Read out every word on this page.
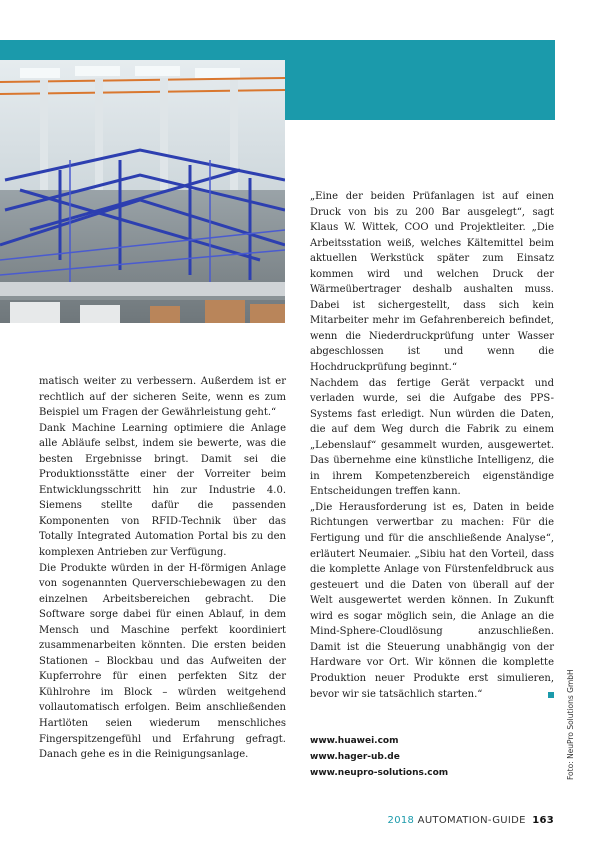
matisch weiter zu verbessern. Außerdem ist er rechtlich auf der sicheren Seite, wenn es zum Beispiel um Fragen der Gewährleistung geht.“

Dank Machine Learning optimiere die Anlage alle Abläufe selbst, indem sie bewerte, was die besten Ergebnisse bringt. Damit sei die Produktionsstätte einer der Vorreiter beim Entwicklungsschritt hin zur Industrie 4.0. Siemens stellte dafür die passenden Komponenten von RFID-Technik über das Totally Integrated Automation Portal bis zu den komplexen Antrieben zur Verfügung.

Die Produkte würden in der H-förmigen Anlage von sogenannten Querverschiebewagen zu den einzelnen Arbeitsbereichen gebracht. Die Software sorge dabei für einen Ablauf, in dem Mensch und Maschine perfekt koordiniert zusammenarbeiten könnten. Die ersten beiden Stationen – Blockbau und das Aufweiten der Kupferrohre für einen perfekten Sitz der Kühlrohre im Block – würden weitgehend vollautomatisch erfolgen. Beim anschließenden Hartlöten seien wiederum menschliches Fingerspitzengefühl und Erfahrung gefragt. Danach gehe es in die Reinigungsanlage.

„Eine der beiden Prüfanlagen ist auf einen Druck von bis zu 200 Bar ausgelegt“, sagt Klaus W. Wittek, COO und Projektleiter. „Die Arbeitsstation weiß, welches Kältemittel beim aktuellen Werkstück später zum Einsatz kommen wird und welchen Druck der Wärmeübertrager deshalb aushalten muss. Dabei ist sichergestellt, dass sich kein Mitarbeiter mehr im Gefahrenbereich befindet, wenn die Niederdruckprüfung unter Wasser abgeschlossen ist und wenn die Hochdruckprüfung beginnt.“

Nachdem das fertige Gerät verpackt und verladen wurde, sei die Aufgabe des PPS-Systems fast erledigt. Nun würden die Daten, die auf dem Weg durch die Fabrik zu einem „Lebenslauf“ gesammelt wurden, ausgewertet. Das übernehme eine künstliche Intelligenz, die in ihrem Kompetenzbereich eigenständige Entscheidungen treffen kann.

„Die Herausforderung ist es, Daten in beide Richtungen verwertbar zu machen: Für die Fertigung und für die anschließende Analyse“, erläutert Neumaier. „Sibiu hat den Vorteil, dass die komplette Anlage von Fürstenfeldbruck aus gesteuert und die Daten von überall auf der Welt ausgewertet werden können. In Zukunft wird es sogar möglich sein, die Anlage an die Mind-Sphere-Cloudlösung anzuschließen. Damit ist die Steuerung unabhängig von der Hardware vor Ort. Wir können die komplette Produktion neuer Produkte erst simulieren, bevor wir sie tatsächlich starten.“

www.huawei.com
www.hager-ub.de
www.neupro-solutions.com	Foto: NeuPro Solutions GmbH
2018 AUTOMATION-GUIDE 163
